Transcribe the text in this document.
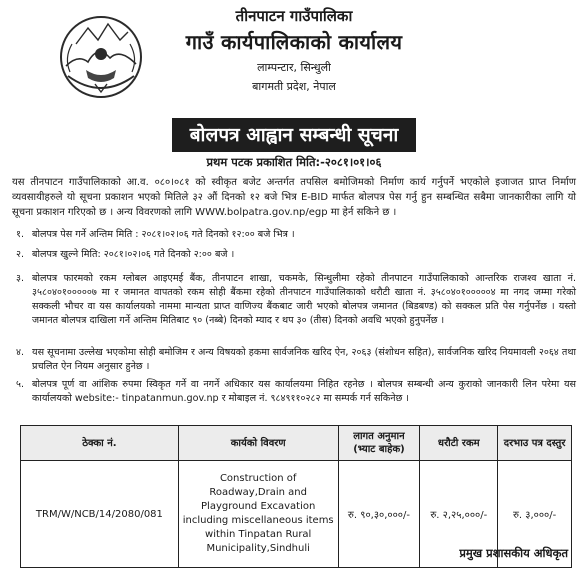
तीनपाटन गाउँपालिका
गाउँ कार्यपालिकाको कार्यालय
लाम्पन्टार, सिन्धुली
बागमती प्रदेश, नेपाल
बोलपत्र आह्वान सम्बन्धी सूचना
प्रथम पटक प्रकाशित मिति:-२०८१।०१।०६

यस तीनपाटन गाउँपालिकाको आ.व. ०८०।०८१ को स्वीकृत बजेट अन्तर्गत तपसिल बमोजिमको निर्माण कार्य गर्नुपर्ने भएकोले इजाजत प्राप्त निर्माण व्यवसायीहरुले यो सूचना प्रकाशन भएको मितिले ३२ औं दिनको १२ बजे भित्र E-BID मार्फत बोलपत्र पेस गर्नु हुन सम्बन्धित सबैमा जानकारीका लागि यो सूचना प्रकाशन गरिएको छ । अन्य विवरणको लागि WWW.bolpatra.gov.np/egp मा हेर्न सकिने छ ।

१. बोलपत्र पेस गर्ने अन्तिम मिति : २०८१।०२।०६ गते दिनको १२:०० बजे भित्र ।
२. बोलपत्र खुल्ने मिति: २०८१।०२।०६ गते दिनको २:०० बजे ।
३. बोलपत्र फारमको रकम ग्लोबल आइएमई बैंक, तीनपाटन शाखा, चकमके, सिन्धुलीमा रहेको तीनपाटन गाउँपालिकाको आन्तरिक राजश्व खाता नं. ३५८०४०१०००००७ मा र जमानत वापतको रकम सोही बैंकमा रहेको तीनपाटन गाउँपालिकाको धरौटी खाता नं. ३५८०४०१०००००४ मा नगद जम्मा गरेको सक्कली भौचर वा यस कार्यालयको नाममा मान्यता प्राप्त वाणिज्य बैंकबाट जारी भएको बोलपत्र जमानत (बिडबण्ड) को सक्कल प्रति पेस गर्नुपर्नेछ । यस्तो जमानत बोलपत्र दाखिला गर्ने अन्तिम मितिबाट ९० (नब्बे) दिनको म्याद र थप ३० (तीस) दिनको अवधि भएको हुनुपर्नेछ ।
४. यस सूचनामा उल्लेख भएकोमा सोही बमोजिम र अन्य विषयको हकमा सार्वजनिक खरिद ऐन, २०६३ (संशोधन सहित), सार्वजनिक खरिद नियमावली २०६४ तथा प्रचलित ऐन नियम अनुसार हुनेछ ।
५. बोलपत्र पूर्ण वा आंशिक रुपमा स्विकृत गर्ने वा नगर्ने अधिकार यस कार्यालयमा निहित रहनेछ । बोलपत्र सम्बन्धी अन्य कुराको जानकारी लिन परेमा यस कार्यालयको website:- tinpatanmun.gov.np र मोबाइल नं. ९८४९११०२८२ मा सम्पर्क गर्न सकिनेछ ।
ठेक्का नं.	कार्यको विवरण	लागत अनुमान (भ्याट बाहेक)	धरौटी रकम	दरभाउ पत्र दस्तुर
TRM/W/NCB/14/2080/081	Construction of Roadway,Drain and Playground Excavation including miscellaneous items within Tinpatan Rural Municipality,Sindhuli	रु. ९०,३०,०००/-	रु. २,२५,०००/-	रु. ३,०००/-
प्रमुख प्रशासकीय अधिकृत
